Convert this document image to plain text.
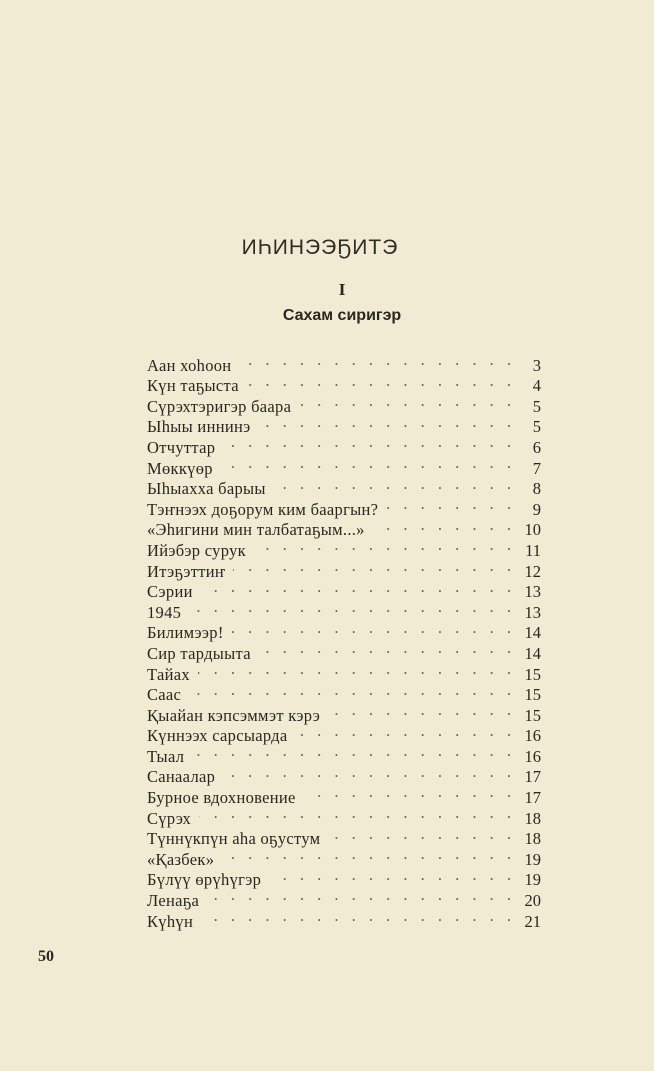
ИҺИНЭЭҔИТЭ
I
Сахам сиригэр
Аан хоһоон . . .	3
Күн таҕыста . . .	4
Сүрэхтэригэр баара . . .	5
Ыһыы иннинэ . . .	5
Отчуттар . . .	6
Мөккүөр . . .	7
Ыһыахха барыы . . .	8
Тэҥнээх доҕорум ким бааргын? . . .	9
«Эһигини мин талбатаҕым...» . . .	10
Ийэбэр сурук . . .	11
Итэҕэттиҥ . . .	12
Сэрии . . .	13
1945 . . .	13
Билимээр! . . .	14
Сир тардыыта . . .	14
Тайах . . .	15
Саас . . .	15
Қыайан кэпсэммэт кэрэ . . .	15
Күннээх сарсыарда . . .	16
Тыал . . .	16
Санаалар . . .	17
Бурное вдохновение . . .	17
Сүрэх . . .	18
Түннүкпүн аһа оҕустум . . .	18
«Қазбек» . . .	19
Бүлүү өрүһүгэр . . .	19
Ленаҕа . . .	20
Күһүн . . .	21
50
